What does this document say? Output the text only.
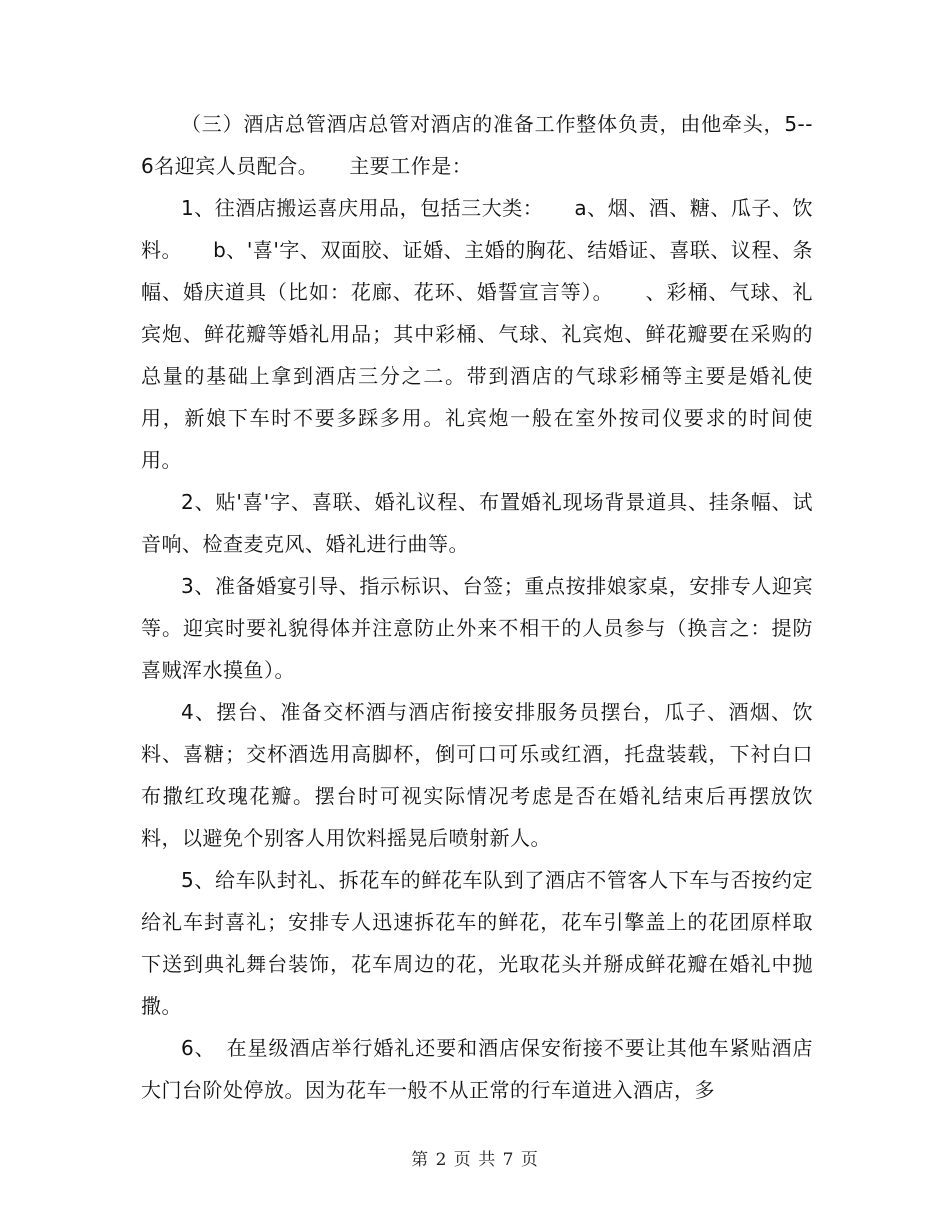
（三）酒店总管酒店总管对酒店的准备工作整体负责，由他牵头，5--6名迎宾人员配合。　　主要工作是：

1、往酒店搬运喜庆用品，包括三大类：　　a、烟、酒、糖、瓜子、饮料。　　b、'喜'字、双面胶、证婚、主婚的胸花、结婚证、喜联、议程、条幅、婚庆道具（比如：花廊、花环、婚誓宣言等）。　　、彩桶、气球、礼宾炮、鲜花瓣等婚礼用品；其中彩桶、气球、礼宾炮、鲜花瓣要在采购的总量的基础上拿到酒店三分之二。带到酒店的气球彩桶等主要是婚礼使用，新娘下车时不要多踩多用。礼宾炮一般在室外按司仪要求的时间使用。

2、贴'喜'字、喜联、婚礼议程、布置婚礼现场背景道具、挂条幅、试音响、检查麦克风、婚礼进行曲等。

3、准备婚宴引导、指示标识、台签；重点按排娘家桌，安排专人迎宾等。迎宾时要礼貌得体并注意防止外来不相干的人员参与（换言之：提防喜贼浑水摸鱼）。

4、摆台、准备交杯酒与酒店衔接安排服务员摆台，瓜子、酒烟、饮料、喜糖；交杯酒选用高脚杯，倒可口可乐或红酒，托盘装载，下衬白口布撒红玫瑰花瓣。摆台时可视实际情况考虑是否在婚礼结束后再摆放饮料，以避免个别客人用饮料摇晃后喷射新人。

5、给车队封礼、拆花车的鲜花车队到了酒店不管客人下车与否按约定给礼车封喜礼；安排专人迅速拆花车的鲜花，花车引擎盖上的花团原样取下送到典礼舞台装饰，花车周边的花，光取花头并掰成鲜花瓣在婚礼中抛撒。

6、　在星级酒店举行婚礼还要和酒店保安衔接不要让其他车紧贴酒店大门台阶处停放。因为花车一般不从正常的行车道进入酒店，多

第 2 页 共 7 页
